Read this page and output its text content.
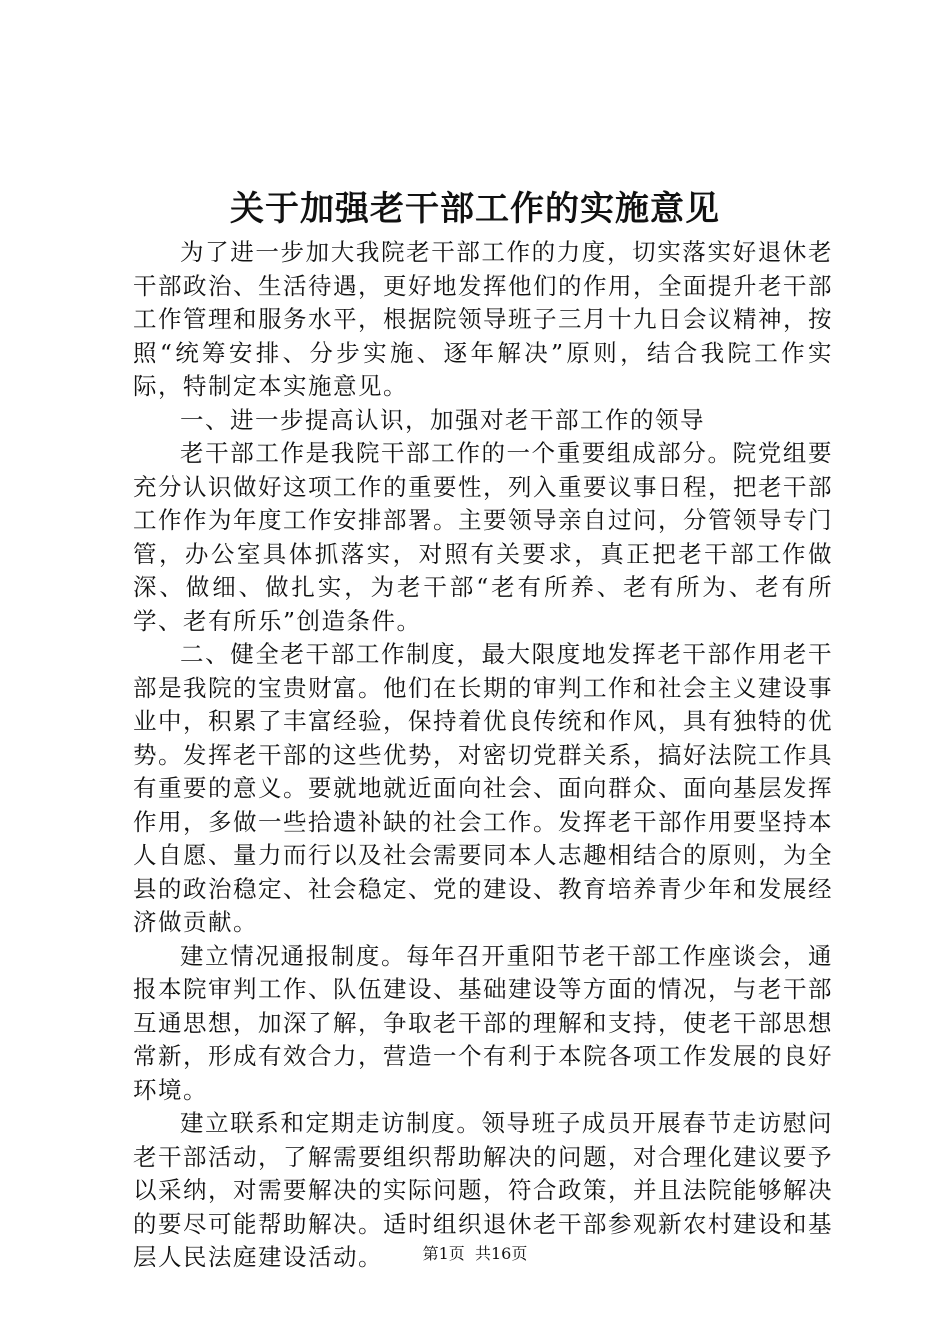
关于加强老干部工作的实施意见

为了进一步加大我院老干部工作的力度，切实落实好退休老干部政治、生活待遇，更好地发挥他们的作用，全面提升老干部工作管理和服务水平，根据院领导班子三月十九日会议精神，按照“统筹安排、分步实施、逐年解决”原则，结合我院工作实际，特制定本实施意见。

一、进一步提高认识，加强对老干部工作的领导

老干部工作是我院干部工作的一个重要组成部分。院党组要充分认识做好这项工作的重要性，列入重要议事日程，把老干部工作作为年度工作安排部署。主要领导亲自过问，分管领导专门管，办公室具体抓落实，对照有关要求，真正把老干部工作做深、做细、做扎实，为老干部“老有所养、老有所为、老有所学、老有所乐”创造条件。

二、健全老干部工作制度，最大限度地发挥老干部作用老干部是我院的宝贵财富。他们在长期的审判工作和社会主义建设事业中，积累了丰富经验，保持着优良传统和作风，具有独特的优势。发挥老干部的这些优势，对密切党群关系，搞好法院工作具有重要的意义。要就地就近面向社会、面向群众、面向基层发挥作用，多做一些拾遗补缺的社会工作。发挥老干部作用要坚持本人自愿、量力而行以及社会需要同本人志趣相结合的原则，为全县的政治稳定、社会稳定、党的建设、教育培养青少年和发展经济做贡献。

建立情况通报制度。每年召开重阳节老干部工作座谈会，通报本院审判工作、队伍建设、基础建设等方面的情况，与老干部互通思想，加深了解，争取老干部的理解和支持，使老干部思想常新，形成有效合力，营造一个有利于本院各项工作发展的良好环境。

建立联系和定期走访制度。领导班子成员开展春节走访慰问老干部活动，了解需要组织帮助解决的问题，对合理化建议要予以采纳，对需要解决的实际问题，符合政策，并且法院能够解决的要尽可能帮助解决。适时组织退休老干部参观新农村建设和基层人民法庭建设活动。	第1页 共16页
